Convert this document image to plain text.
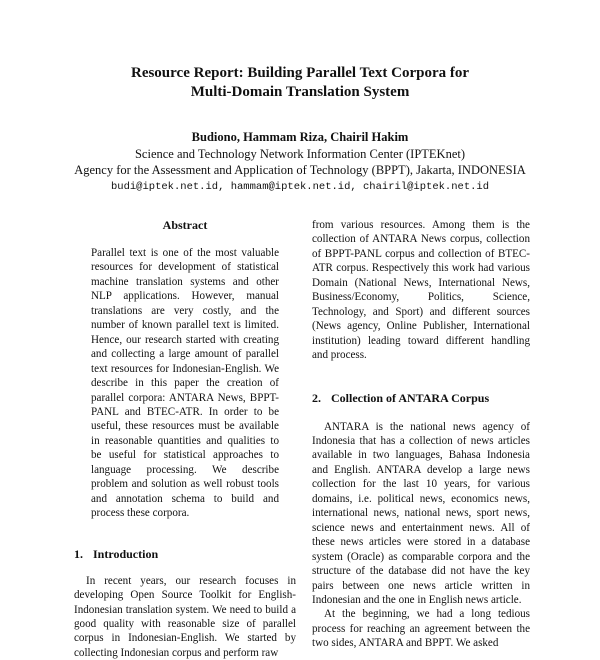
Resource Report: Building Parallel Text Corpora for
Multi-Domain Translation System
Budiono, Hammam Riza, Chairil Hakim
Science and Technology Network Information Center (IPTEKnet)
Agency for the Assessment and Application of Technology (BPPT), Jakarta, INDONESIA
budi@iptek.net.id, hammam@iptek.net.id, chairil@iptek.net.id
Abstract

Parallel text is one of the most valuable resources for development of statistical machine translation systems and other NLP applications. However, manual translations are very costly, and the number of known parallel text is limited. Hence, our research started with creating and collecting a large amount of parallel text resources for Indonesian-English. We describe in this paper the creation of parallel corpora: ANTARA News, BPPT-PANL and BTEC-ATR. In order to be useful, these resources must be available in reasonable quantities and qualities to be useful for statistical approaches to language processing. We describe problem and solution as well robust tools and annotation schema to build and process these corpora.

1. Introduction

In recent years, our research focuses in developing Open Source Toolkit for English-Indonesian translation system. We need to build a good quality with reasonable size of parallel corpus in Indonesian-English. We started by collecting Indonesian corpus and perform raw

from various resources. Among them is the collection of ANTARA News corpus, collection of BPPT-PANL corpus and collection of BTEC-ATR corpus. Respectively this work had various Domain (National News, International News, Business/Economy, Politics, Science, Technology, and Sport) and different sources (News agency, Online Publisher, International institution) leading toward different handling and process.

2. Collection of ANTARA Corpus

ANTARA is the national news agency of Indonesia that has a collection of news articles available in two languages, Bahasa Indonesia and English. ANTARA develop a large news collection for the last 10 years, for various domains, i.e. political news, economics news, international news, national news, sport news, science news and entertainment news. All of these news articles were stored in a database system (Oracle) as comparable corpora and the structure of the database did not have the key pairs between one news article written in Indonesian and the one in English news article.

At the beginning, we had a long tedious process for reaching an agreement between the two sides, ANTARA and BPPT. We asked
